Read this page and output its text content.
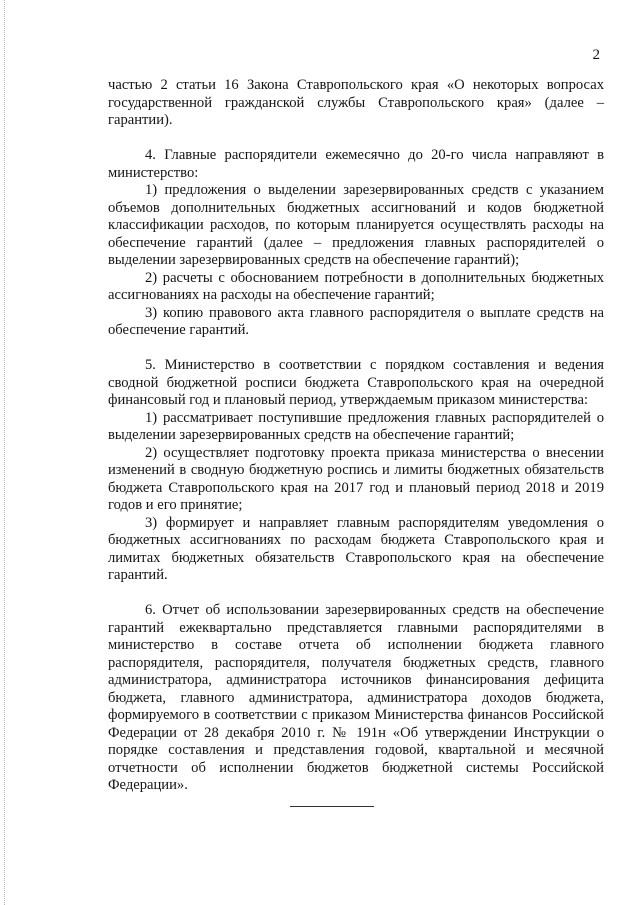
2

частью 2 статьи 16 Закона Ставропольского края «О некоторых вопросах государственной гражданской службы Ставропольского края» (далее – гарантии).

4. Главные распорядители ежемесячно до 20-го числа направляют в министерство:

1) предложения о выделении зарезервированных средств с указанием объемов дополнительных бюджетных ассигнований и кодов бюджетной классификации расходов, по которым планируется осуществлять расходы на обеспечение гарантий (далее – предложения главных распорядителей о выделении зарезервированных средств на обеспечение гарантий);

2) расчеты с обоснованием потребности в дополнительных бюджетных ассигнованиях на расходы на обеспечение гарантий;

3) копию правового акта главного распорядителя о выплате средств на обеспечение гарантий.

5. Министерство в соответствии с порядком составления и ведения сводной бюджетной росписи бюджета Ставропольского края на очередной финансовый год и плановый период, утверждаемым приказом министерства:

1) рассматривает поступившие предложения главных распорядителей о выделении зарезервированных средств на обеспечение гарантий;

2) осуществляет подготовку проекта приказа министерства о внесении изменений в сводную бюджетную роспись и лимиты бюджетных обязательств бюджета Ставропольского края на 2017 год и плановый период 2018 и 2019 годов и его принятие;

3) формирует и направляет главным распорядителям уведомления о бюджетных ассигнованиях по расходам бюджета Ставропольского края и лимитах бюджетных обязательств Ставропольского края на обеспечение гарантий.

6. Отчет об использовании зарезервированных средств на обеспечение гарантий ежеквартально представляется главными распорядителями в министерство в составе отчета об исполнении бюджета главного распорядителя, распорядителя, получателя бюджетных средств, главного администратора, администратора источников финансирования дефицита бюджета, главного администратора, администратора доходов бюджета, формируемого в соответствии с приказом Министерства финансов Российской Федерации от 28 декабря 2010 г. № 191н «Об утверждении Инструкции о порядке составления и представления годовой, квартальной и месячной отчетности об исполнении бюджетов бюджетной системы Российской Федерации».
